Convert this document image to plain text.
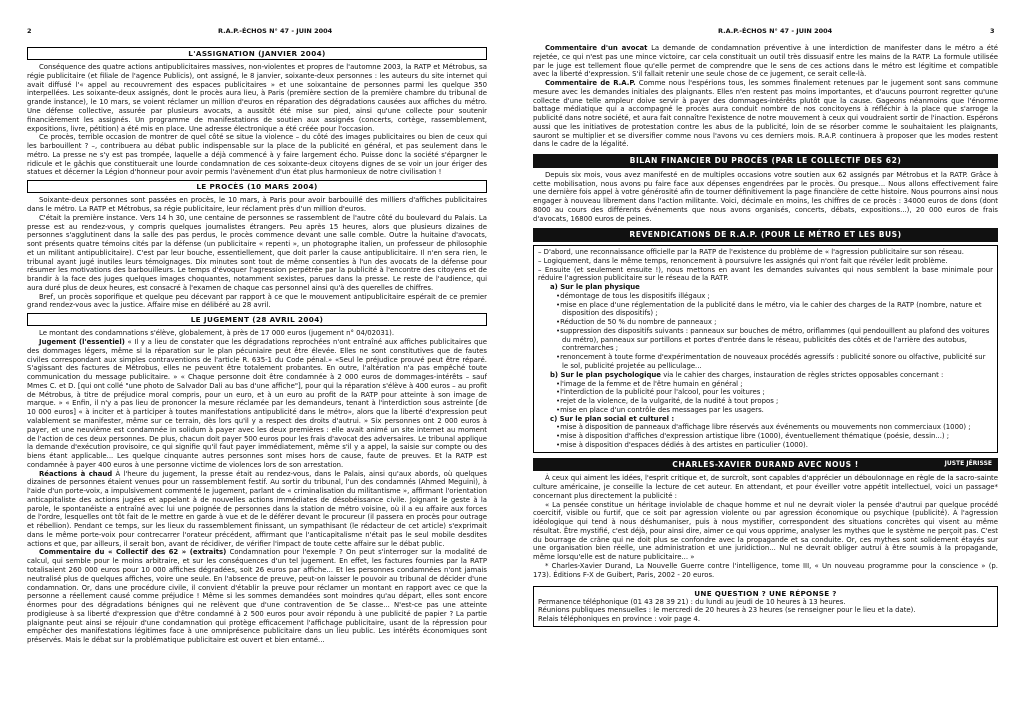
2	R.A.P.-ÉCHOS N° 47 - JUIN 2004	R.A.P.-ÉCHOS N° 47 - JUIN 2004	3
L'ASSIGNATION (JANVIER 2004)

Conséquence des quatre actions antipublicitaires massives, non-violentes et propres de l'automne 2003, la RATP et Métrobus, sa régie publicitaire (et filiale de l'agence Publicis), ont assigné, le 8 janvier, soixante-deux personnes : les auteurs du site internet qui avait diffusé l'« appel au recouvrement des espaces publicitaires » et une soixantaine de personnes parmi les quelque 350 interpellées. Les soixante-deux assignés, dont le procès aura lieu, à Paris (première section de la première chambre du tribunal de grande instance), le 10 mars, se voient réclamer un million d'euros en réparation des dégradations causées aux affiches du métro. Une défense collective, assurée par plusieurs avocats, a aussitôt été mise sur pied, ainsi qu'une collecte pour soutenir financièrement les assignés. Un programme de manifestations de soutien aux assignés (concerts, cortège, rassemblement, expositions, livre, pétition) a été mis en place. Une adresse électronique a été créée pour l'occasion.

Ce procès, terrible occasion de montrer de quel côté se situe la violence – du côté des images publicitaires ou bien de ceux qui les barbouillent ? –, contribuera au débat public indispensable sur la place de la publicité en général, et pas seulement dans le métro. La presse ne s'y est pas trompée, laquelle a déjà commencé à y faire largement écho. Puisse donc la société s'épargner le ridicule et le gâchis que constituerait une lourde condamnation de ces soixante-deux citoyens dignes de se voir un jour ériger des statues et décerner la Légion d'honneur pour avoir permis l'avènement d'un état plus harmonieux de notre civilisation !

LE PROCÈS (10 MARS 2004)

Soixante-deux personnes sont passées en procès, le 10 mars, à Paris pour avoir barbouillé des milliers d'affiches publicitaires dans le métro. La RATP et Métrobus, sa régie publicitaire, leur réclament près d'un million d'euros.

C'était la première instance. Vers 14 h 30, une centaine de personnes se rassemblent de l'autre côté du boulevard du Palais. La presse est au rendez-vous, y compris quelques journalistes étrangers. Peu après 15 heures, alors que plusieurs dizaines de personnes s'agglutinent dans la salle des pas perdus, le procès commence devant une salle comble. Outre la huitaine d'avocats, sont présents quatre témoins cités par la défense (un publicitaire « repenti », un photographe italien, un professeur de philosophie et un militant antipublicitaire). C'est par leur bouche, essentiellement, que doit parler la cause antipublicitaire. Il n'en sera rien, le tribunal ayant jugé inutiles leurs témoignages. Dix minutes sont tout de même consenties à l'un des avocats de la défense pour résumer les motivations des barbouilleurs. Le temps d'évoquer l'agression perpétrée par la publicité à l'encontre des citoyens et de brandir à la face des juges quelques images choquantes, notamment sexistes, parues dans la presse. Le reste de l'audience, qui aura duré plus de deux heures, est consacré à l'examen de chaque cas personnel ainsi qu'à des querelles de chiffres.

Bref, un procès soporifique et quelque peu décevant par rapport à ce que le mouvement antipublicitaire espérait de ce premier grand rendez-vous avec la justice. Affaire mise en délibéré au 28 avril.

LE JUGEMENT (28 AVRIL 2004)

Le montant des condamnations s'élève, globalement, à près de 17 000 euros (jugement n° 04/02031).

Jugement (l'essentiel) « Il y a lieu de constater que les dégradations reprochées n'ont entraîné aux affiches publicitaires que des dommages légers, même si la réparation sur le plan pécuniaire peut être élevée. Elles ne sont constitutives que de fautes civiles correspondant aux simples contraventions de l'article R. 635-1 du Code pénal.» «Seul le préjudice prouvé peut être réparé. S'agissant des factures de Métrobus, elles ne peuvent être totalement probantes. En outre, l'altération n'a pas empêché toute communication du message publicitaire. » « Chaque personne doit être condamnée à 2 000 euros de dommages-intérêts – sauf Mmes C. et D. [qui ont collé "une photo de Salvador Dali au bas d'une affiche"], pour qui la réparation s'élève à 400 euros – au profit de Métrobus, à titre de préjudice moral compris, pour un euro, et à un euro au profit de la RATP pour atteinte à son image de marque. » « Enfin, il n'y a pas lieu de prononcer la mesure réclamée par les demandeurs, tenant à l'interdiction sous astreinte [de 10 000 euros] « à inciter et à participer à toutes manifestations antipublicité dans le métro», alors que la liberté d'expression peut valablement se manifester, même sur ce terrain, dès lors qu'il y a respect des droits d'autrui. » Six personnes ont 2 000 euros à payer, et une neuvième est condamnée in solidum à payer avec les deux premières : elle avait animé un site internet au moment de l'action de ces deux personnes. De plus, chacun doit payer 500 euros pour les frais d'avocat des adversaires. Le tribunal applique la demande d'exécution provisoire, ce qui signifie qu'il faut payer immédiatement, même s'il y a appel, la saisie sur compte ou des biens étant applicable... Les quelque cinquante autres personnes sont mises hors de cause, faute de preuves. Et la RATP est condamnée à payer 400 euros à une personne victime de violences lors de son arrestation.

Réactions à chaud À l'heure du jugement, la presse était au rendez-vous, dans le Palais, ainsi qu'aux abords, où quelques dizaines de personnes étaient venues pour un rassemblement festif. Au sortir du tribunal, l'un des condamnés (Ahmed Meguini), à l'aide d'un porte-voix, a impulsivement commenté le jugement, parlant de « criminalisation du militantisme », affirmant l'orientation anticapitaliste des actions jugées et appelant à de nouvelles actions immédiates de désobéissance civile. Joignant le geste à la parole, le spontanéiste a entraîné avec lui une poignée de personnes dans la station de métro voisine, où il a eu affaire aux forces de l'ordre, lesquelles ont tôt fait de le mettre en garde à vue et de le déférer devant le procureur (il passera en procès pour outrage et rébellion). Pendant ce temps, sur les lieux du rassemblement finissant, un sympathisant (le rédacteur de cet article) s'exprimait dans le même porte-voix pour contrecarrer l'orateur précédent, affirmant que l'anticapitalisme n'était pas le seul mobile desdites actions et que, par ailleurs, il serait bon, avant de récidiver, de vérifier l'impact de toute cette affaire sur le débat public.

Commentaire du « Collectif des 62 » (extraits) Condamnation pour l'exemple ? On peut s'interroger sur la modalité de calcul, qui semble pour le moins arbitraire, et sur les conséquences d'un tel jugement. En effet, les factures fournies par la RATP totalisaient 260 000 euros pour 10 000 affiches dégradées, soit 26 euros par affiche... Et les personnes condamnées n'ont jamais neutralisé plus de quelques affiches, voire une seule. En l'absence de preuve, peut-on laisser le pouvoir au tribunal de décider d'une condamnation. Or, dans une procédure civile, il convient d'établir la preuve pour réclamer un montant en rapport avec ce que la personne a réellement causé comme préjudice ! Même si les sommes demandées sont moindres qu'au départ, elles sont encore énormes pour des dégradations bénignes qui ne relèvent que d'une contravention de 5e classe... N'est-ce pas une atteinte prodigieuse à sa liberté d'expression que d'être condamné à 2 500 euros pour avoir répondu à une publicité de papier ? La partie plaignante peut ainsi se réjouir d'une condamnation qui protège efficacement l'affichage publicitaire, usant de la répression pour empêcher des manifestations légitimes face à une omniprésence publicitaire dans un lieu public. Les intérêts économiques sont préservés. Mais le débat sur la problématique publicitaire est ouvert et bien entamé...

Commentaire d'un avocat La demande de condamnation préventive à une interdiction de manifester dans le métro a été rejetée, ce qui n'est pas une mince victoire, car cela constituait un outil très dissuasif entre les mains de la RATP. La formule utilisée par le juge est tellement floue qu'elle permet de comprendre que le sens de ces actions dans le métro est légitime et compatible avec la liberté d'expression. S'il fallait retenir une seule chose de ce jugement, ce serait celle-là.

Commentaire de R.A.P. Comme nous l'espérions tous, les sommes finalement retenues par le jugement sont sans commune mesure avec les demandes initiales des plaignants. Elles n'en restent pas moins importantes, et d'aucuns pourront regretter qu'une collecte d'une telle ampleur doive servir à payer des dommages-intérêts plutôt que la cause. Gageons néanmoins que l'énorme battage médiatique qui a accompagné le procès aura conduit nombre de nos concitoyens à réfléchir à la place que s'arroge la publicité dans notre société, et aura fait connaître l'existence de notre mouvement à ceux qui voudraient sortir de l'inaction. Espérons aussi que les initiatives de protestation contre les abus de la publicité, loin de se résorber comme le souhaitaient les plaignants, sauront se multiplier et se diversifier comme nous l'avons vu ces derniers mois. R.A.P. continuera à proposer que les modes restent dans le cadre de la légalité.

BILAN FINANCIER DU PROCÈS (PAR LE COLLECTIF DES 62)

Depuis six mois, vous avez manifesté en de multiples occasions votre soutien aux 62 assignés par Métrobus et la RATP. Grâce à cette mobilisation, nous avons pu faire face aux dépenses engendrées par le procès. Ou presque... Nous allons effectivement faire une dernière fois appel à votre générosité afin de tourner définitivement la page financière de cette histoire. Nous pourrons ainsi nous engager à nouveau librement dans l'action militante. Voici, décimale en moins, les chiffres de ce procès : 34000 euros de dons (dont 8000 au cours des différents événements que nous avons organisés, concerts, débats, expositions...), 20 000 euros de frais d'avocats, 16800 euros de peines.

REVENDICATIONS DE R.A.P. (POUR LE MÉTRO ET LES BUS)

– D'abord, une reconnaissance officielle par la RATP de l'existence du problème de « l'agression publicitaire sur son réseau.

– Logiquement, dans le même temps, renoncement à poursuivre les assignés qui n'ont fait que révéler ledit problème.

– Ensuite (et seulement ensuite !), nous mettons en avant les demandes suivantes qui nous semblent la base minimale pour réduire l'agression publicitaire sur le réseau de la RATP.

a) Sur le plan physique
•démontage de tous les dispositifs illégaux ;
•mise en place d'une réglementation de la publicité dans le métro, via le cahier des charges de la RATP (nombre, nature et disposition des dispositifs) ;
•Réduction de 50 % du nombre de panneaux ;
•suppression des dispositifs suivants : panneaux sur bouches de métro, oriflammes (qui pendouillent au plafond des voitures du métro), panneaux sur portillons et portes d'entrée dans le réseau, publicités des côtés et de l'arrière des autobus, contremarches ;
•renoncement à toute forme d'expérimentation de nouveaux procédés agressifs : publicité sonore ou olfactive, publicité sur le sol, publicité projetée au pelliculage...
b) Sur le plan psychologique via le cahier des charges, instauration de règles strictes opposables concernant :
•l'image de la femme et de l'être humain en général ;
•l'interdiction de la publicité pour l'alcool, pour les voitures ;
•rejet de la violence, de la vulgarité, de la nudité à tout propos ;
•mise en place d'un contrôle des messages par les usagers.
c) Sur le plan social et culturel :
•mise à disposition de panneaux d'affichage libre réservés aux événements ou mouvements non commerciaux (1000) ;
•mise à disposition d'affiches d'expression artistique libre (1000), éventuellement thématique (poésie, dessin...) ;
•mise à disposition d'espaces dédiés à des artistes en particulier (1000).
CHARLES-XAVIER DURAND AVEC NOUS !	JUSTE JÉRISSE

À ceux qui aiment les idées, l'esprit critique et, de surcroît, sont capables d'apprécier un déboulonnage en règle de la sacro-sainte culture américaine, je conseille la lecture de cet auteur. En attendant, et pour éveiller votre appétit intellectuel, voici un passage* concernant plus directement la publicité :

« La pensée constitue un héritage inviolable de chaque homme et nul ne devrait violer la pensée d'autrui par quelque procédé coercitif, visible ou furtif, que ce soit par agression violente ou par agression économique ou psychique (publicité). À l'agression idéologique qui tend à nous déshumaniser, puis à nous mystifier, correspondent des situations concrètes qui visent au même résultat. Être mystifié, c'est déjà, pour ainsi dire, aimer ce qui vous opprime, analyser les mythes que le système ne perçoit pas. C'est du bourrage de crâne qui ne doit plus se confondre avec la propagande et sa conduite. Or, ces mythes sont solidement étayés sur une organisation bien réelle, une administration et une juridiction... Nul ne devrait obliger autrui à être soumis à la propagande, même lorsqu'elle est de nature publicitaire... »

* Charles-Xavier Durand, La Nouvelle Guerre contre l'intelligence, tome III, « Un nouveau programme pour la conscience » (p. 173). Éditions F-X de Guibert, Paris, 2002 - 20 euros.

UNE QUESTION ? UNE RÉPONSE ?

Permanence téléphonique (01 43 28 39 21) : du lundi au jeudi de 10 heures à 13 heures.

Réunions publiques mensuelles : le mercredi de 20 heures à 23 heures (se renseigner pour le lieu et la date).

Relais téléphoniques en province : voir page 4.
